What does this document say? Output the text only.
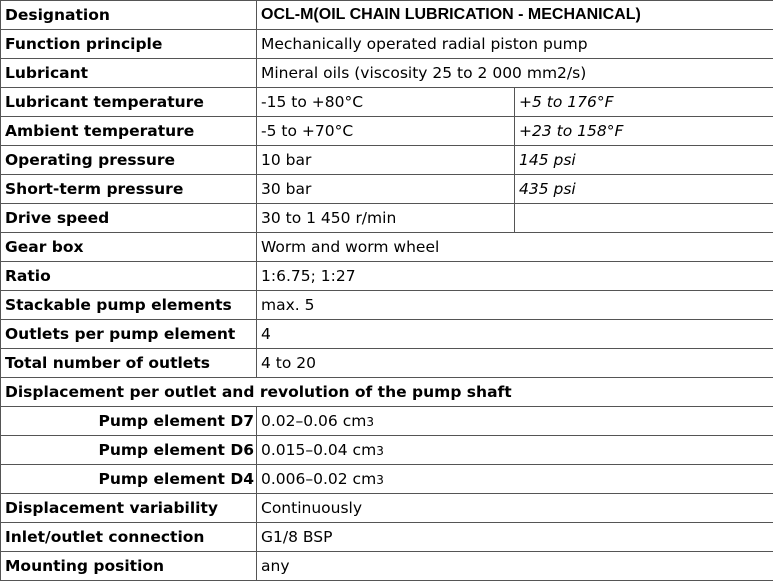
Designation	OCL-M(OIL CHAIN LUBRICATION - MECHANICAL)	
Function principle	Mechanically operated radial piston pump	
Lubricant	Mineral oils (viscosity 25 to 2 000 mm2/s)	
Lubricant temperature	-15 to +80°C	+5 to 176°F
Ambient temperature	-5 to +70°C	+23 to 158°F
Operating pressure	10 bar	145 psi
Short-term pressure	30 bar	435 psi
Drive speed	30 to 1 450 r/min	
Gear box	Worm and worm wheel	
Ratio	1:6.75; 1:27	
Stackable pump elements	max. 5	
Outlets per pump element	4	
Total number of outlets	4 to 20	
Displacement per outlet and revolution of the pump shaft		
Pump element D7	0.02–0.06 cm3	
Pump element D6	0.015–0.04 cm3	
Pump element D4	0.006–0.02 cm3	
Displacement variability	Continuously	
Inlet/outlet connection	G1/8 BSP	
Mounting position	any	
